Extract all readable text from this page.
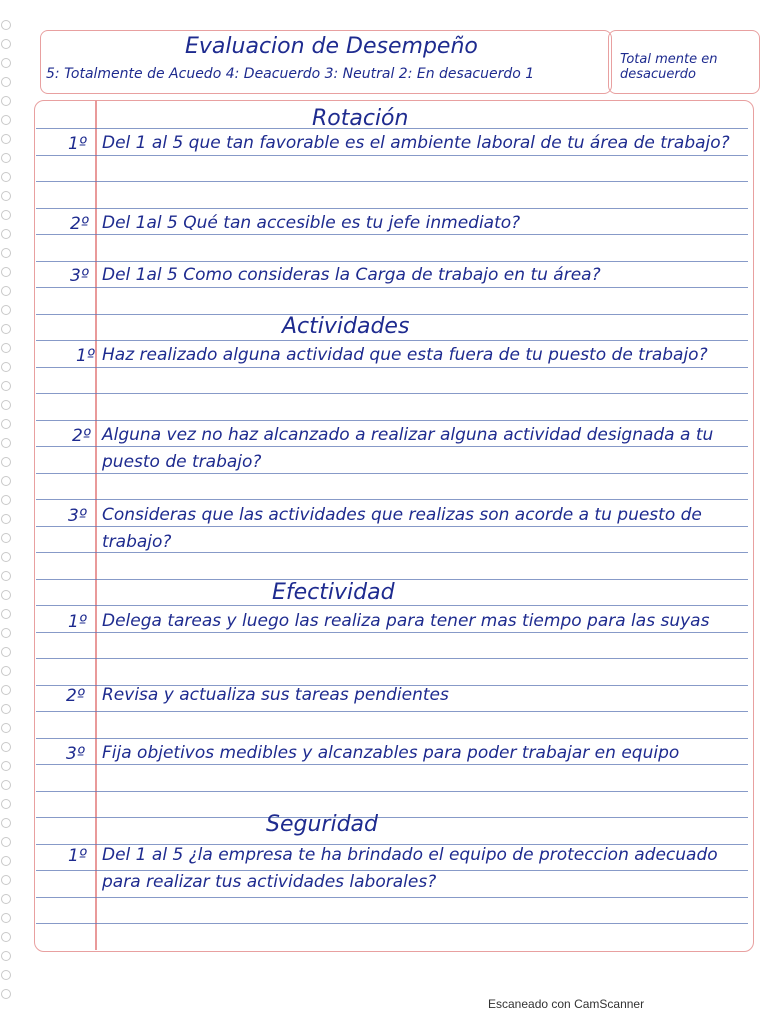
Evaluacion de Desempeño
5: Totalmente de Acuedo 4: Deacuerdo 3: Neutral 2: En desacuerdo 1
Total mente en desacuerdo
Rotación
1º Del 1 al 5 que tan favorable es el ambiente laboral de tu área de trabajo?
2º Del 1al 5 Qué tan accesible es tu jefe inmediato?
3º Del 1al 5 Como consideras la Carga de trabajo en tu área?
Actividades
1º Haz realizado alguna actividad que esta fuera de tu puesto de trabajo?
2º Alguna vez no haz alcanzado a realizar alguna actividad designada a tu puesto de trabajo?
3º Consideras que las actividades que realizas son acorde a tu puesto de trabajo?
Efectividad
1º Delega tareas y luego las realiza para tener mas tiempo para las suyas
2º Revisa y actualiza sus tareas pendientes
3º Fija objetivos medibles y alcanzables para poder trabajar en equipo
Seguridad
1º Del 1 al 5 ¿la empresa te ha brindado el equipo de proteccion adecuado para realizar tus actividades laborales?
Escaneado con CamScanner
